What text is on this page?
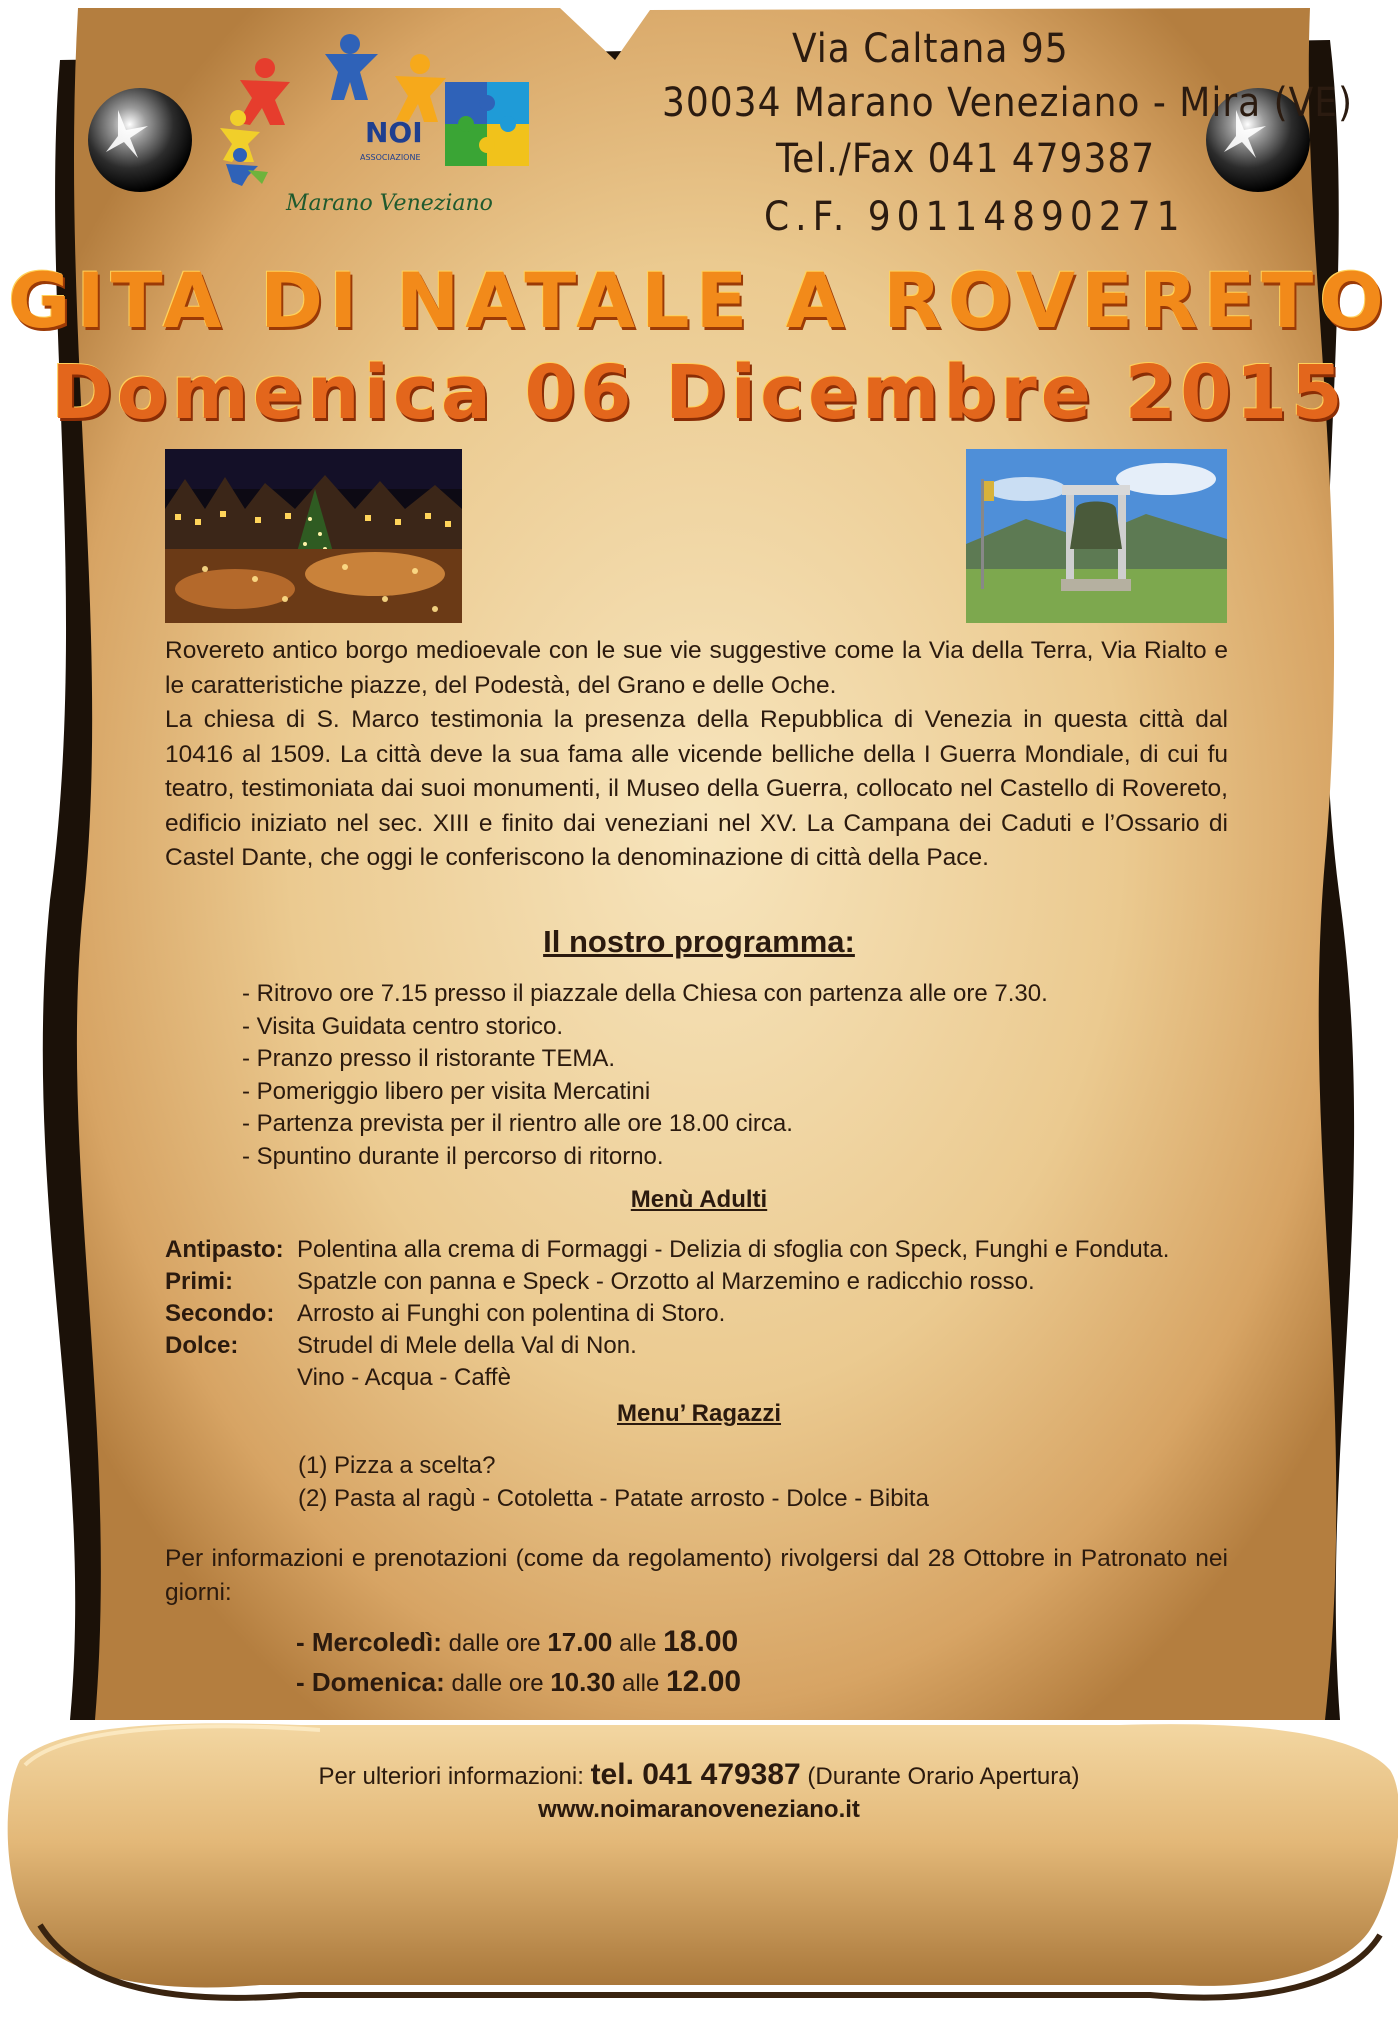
NOI
ASSOCIAZIONE
Marano Veneziano
Via Caltana 95
30034 Marano Veneziano - Mira (VE)
Tel./Fax 041 479387
C.F. 90114890271
GITA DI NATALE A ROVERETO
Domenica 06 Dicembre 2015
Rovereto antico borgo medioevale con le sue vie suggestive come la Via della Terra, Via Rialto e le caratteristiche piazze, del Podestà, del Grano e delle Oche.
La chiesa di S. Marco testimonia la presenza della Repubblica di Venezia in questa città dal 10416 al 1509. La città deve la sua fama alle vicende belliche della I Guerra Mondiale, di cui fu teatro, testimoniata dai suoi monumenti, il Museo della Guerra, collocato nel Castello di Rovereto, edificio iniziato nel sec. XIII e finito dai veneziani nel XV. La Campana dei Caduti e l’Ossario di Castel Dante, che oggi le conferiscono la denominazione di città della Pace.
Il nostro programma:
- Ritrovo ore 7.15 presso il piazzale della Chiesa con partenza alle ore 7.30.
- Visita Guidata centro storico.
- Pranzo presso il ristorante TEMA.
- Pomeriggio libero per visita Mercatini
- Partenza prevista per il rientro alle ore 18.00 circa.
- Spuntino durante il percorso di ritorno.
Menù Adulti
Antipasto: Polentina alla crema di Formaggi - Delizia di sfoglia con Speck, Funghi e Fonduta.
Primi:	Spatzle con panna e Speck - Orzotto al Marzemino e radicchio rosso.
Secondo: Arrosto ai Funghi con polentina di Storo.
Dolce: Strudel di Mele della Val di Non.
Vino - Acqua - Caffè
Menu’ Ragazzi
(1) Pizza a scelta?
(2) Pasta al ragù - Cotoletta - Patate arrosto - Dolce - Bibita
Per informazioni e prenotazioni (come da regolamento) rivolgersi dal 28 Ottobre in Patronato nei giorni:
- Mercoledì: dalle ore 17.00 alle 18.00
- Domenica: dalle ore 10.30 alle 12.00
Per ulteriori informazioni: tel. 041 479387 (Durante Orario Apertura)
www.noimaranoveneziano.it
